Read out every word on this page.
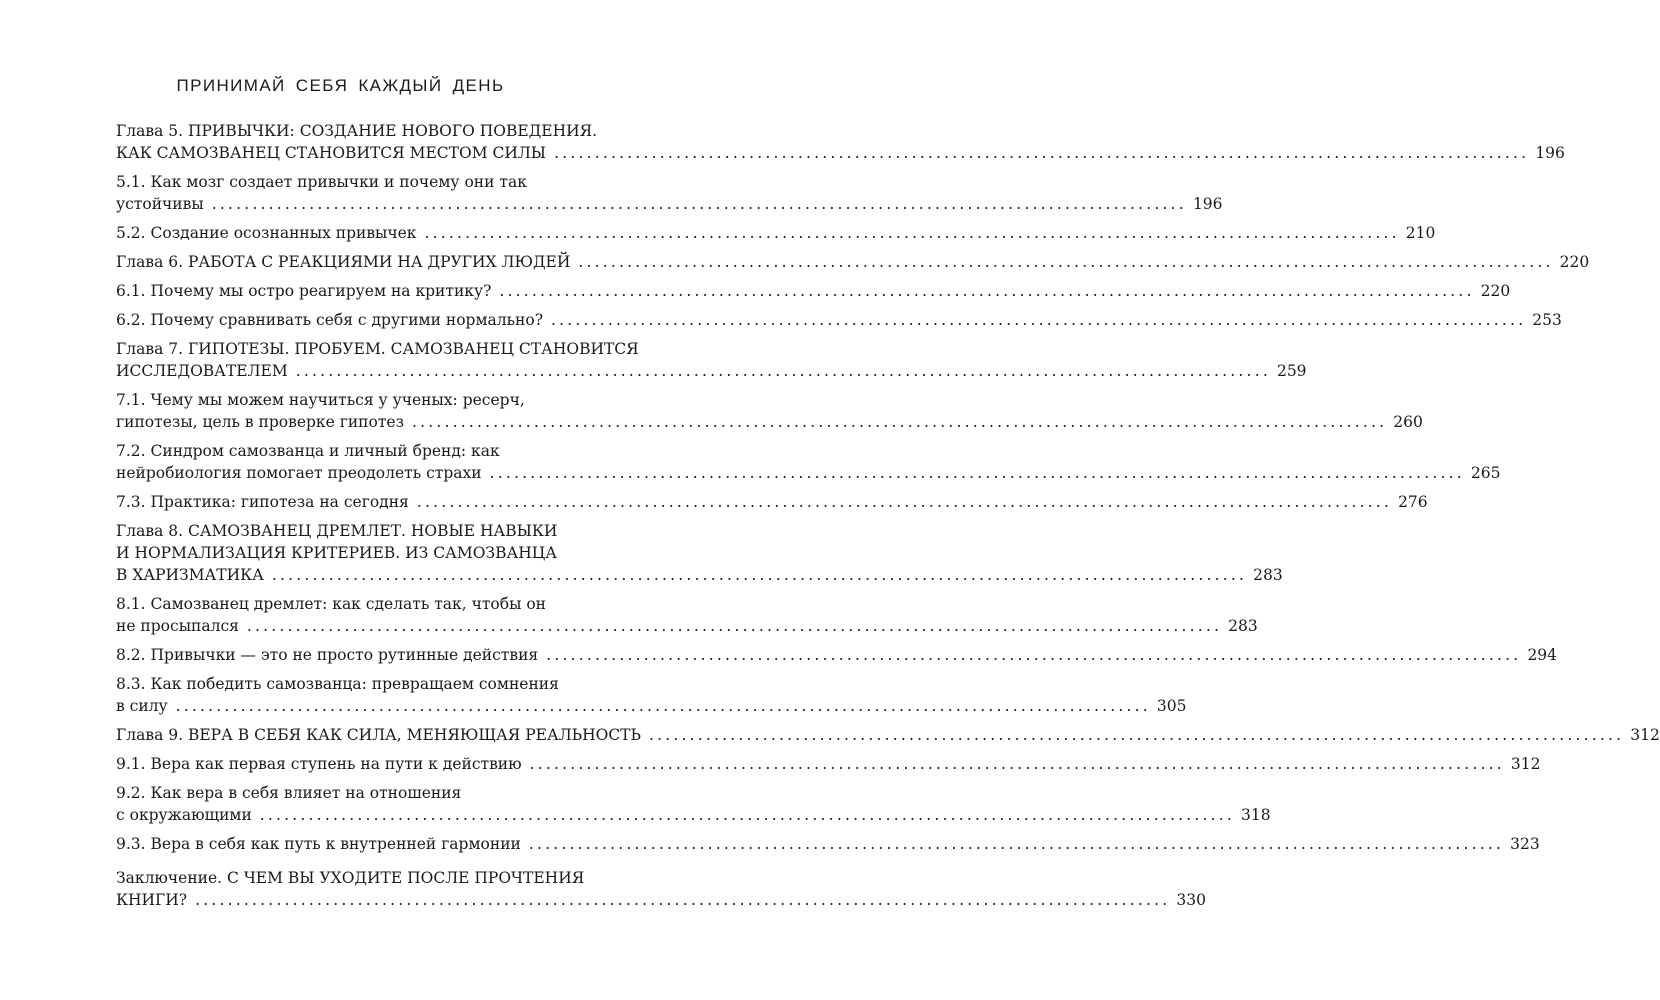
ПРИНИМАЙ СЕБЯ КАЖДЫЙ ДЕНЬ
Глава 5. ПРИВЫЧКИ: СОЗДАНИЕ НОВОГО ПОВЕДЕНИЯ.
КАК САМОЗВАНЕЦ СТАНОВИТСЯ МЕСТОМ СИЛЫ ........................................................................................................................ 196
5.1. Как мозг создает привычки и почему они так
устойчивы ........................................................................................................................ 196
5.2. Создание осознанных привычек ........................................................................................................................ 210
Глава 6. РАБОТА С РЕАКЦИЯМИ НА ДРУГИХ ЛЮДЕЙ ........................................................................................................................ 220
6.1. Почему мы остро реагируем на критику? ........................................................................................................................ 220
6.2. Почему сравнивать себя с другими нормально? ........................................................................................................................ 253
Глава 7. ГИПОТЕЗЫ. ПРОБУЕМ. САМОЗВАНЕЦ СТАНОВИТСЯ
ИССЛЕДОВАТЕЛЕМ ........................................................................................................................ 259
7.1. Чему мы можем научиться у ученых: ресерч,
гипотезы, цель в проверке гипотез ........................................................................................................................ 260
7.2. Синдром самозванца и личный бренд: как
нейробиология помогает преодолеть страхи ........................................................................................................................ 265
7.3. Практика: гипотеза на сегодня ........................................................................................................................ 276
Глава 8. САМОЗВАНЕЦ ДРЕМЛЕТ. НОВЫЕ НАВЫКИ
И НОРМАЛИЗАЦИЯ КРИТЕРИЕВ. ИЗ САМОЗВАНЦА
В ХАРИЗМАТИКА ........................................................................................................................ 283
8.1. Самозванец дремлет: как сделать так, чтобы он
не просыпался ........................................................................................................................ 283
8.2. Привычки — это не просто рутинные действия ........................................................................................................................ 294
8.3. Как победить самозванца: превращаем сомнения
в силу ........................................................................................................................ 305
Глава 9. ВЕРА В СЕБЯ КАК СИЛА, МЕНЯЮЩАЯ РЕАЛЬНОСТЬ ........................................................................................................................ 312
9.1. Вера как первая ступень на пути к действию ........................................................................................................................ 312
9.2. Как вера в себя влияет на отношения
с окружающими ........................................................................................................................ 318
9.3. Вера в себя как путь к внутренней гармонии ........................................................................................................................ 323
Заключение. С ЧЕМ ВЫ УХОДИТЕ ПОСЛЕ ПРОЧТЕНИЯ
КНИГИ? ........................................................................................................................ 330
